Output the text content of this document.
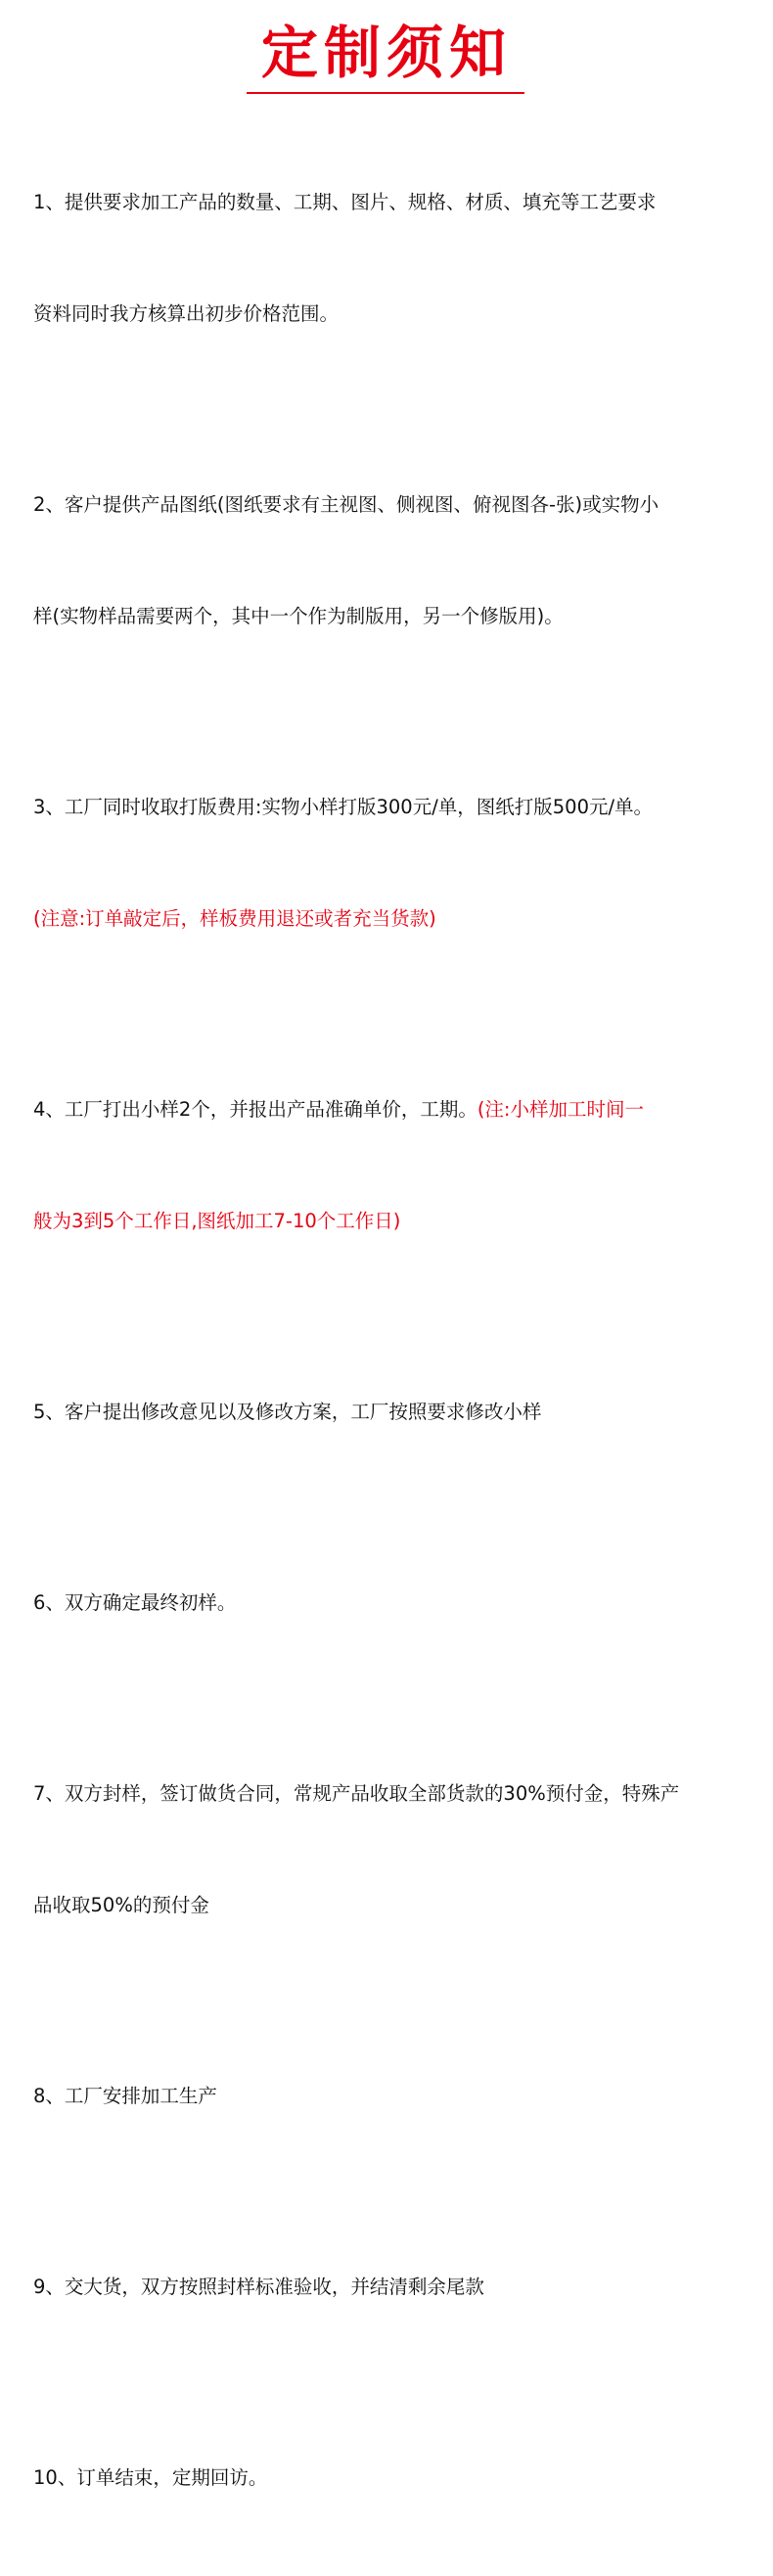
定制须知

1、提供要求加工产品的数量、工期、图片、规格、材质、填充等工艺要求

资料同时我方核算出初步价格范围。

2、客户提供产品图纸(图纸要求有主视图、侧视图、俯视图各-张)或实物小

样(实物样品需要两个，其中一个作为制版用，另一个修版用)。

3、工厂同时收取打版费用:实物小样打版300元/单，图纸打版500元/单。

(注意:订单敲定后，样板费用退还或者充当货款)

4、工厂打出小样2个，并报出产品准确单价，工期。(注:小样加工时间一

般为3到5个工作日,图纸加工7-10个工作日)

5、客户提出修改意见以及修改方案，工厂按照要求修改小样

6、双方确定最终初样。

7、双方封样，签订做货合同，常规产品收取全部货款的30%预付金，特殊产

品收取50%的预付金

8、工厂安排加工生产

9、交大货，双方按照封样标准验收，并结清剩余尾款

10、订单结束，定期回访。
